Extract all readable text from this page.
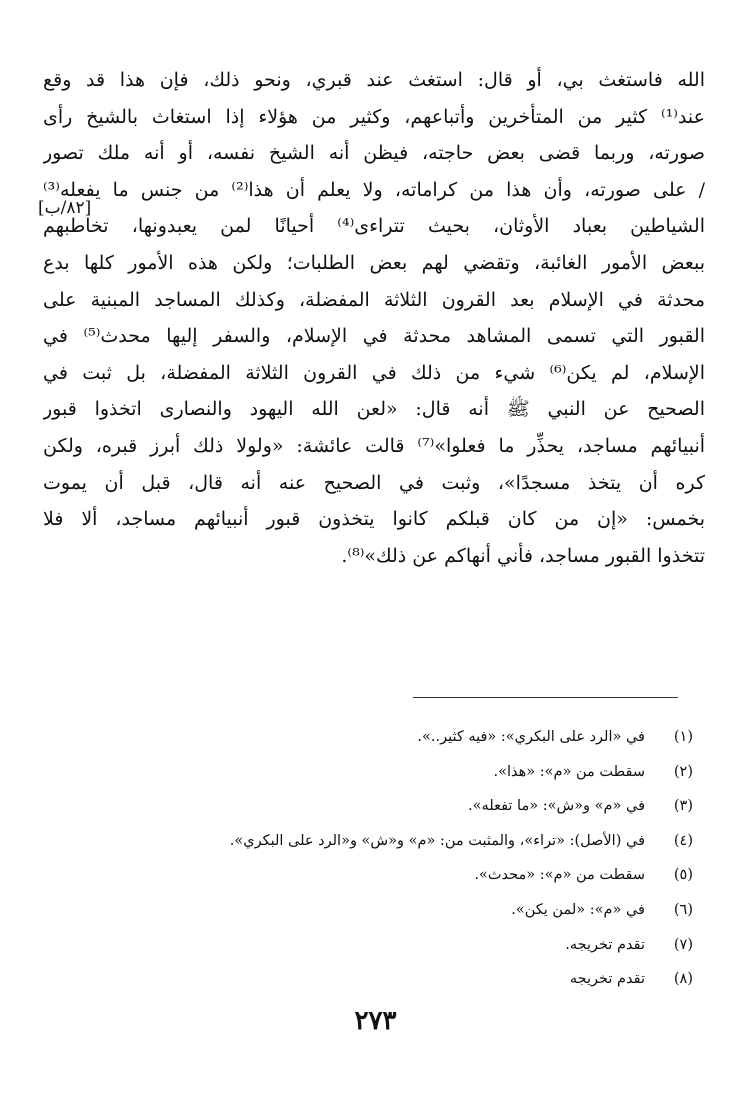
الله فاستغث بي، أو قال: استغث عند قبري، ونحو ذلك، فإن هذا قد وقع
عند⁽¹⁾ كثير من المتأخرين وأتباعهم، وكثير من هؤلاء إذا استغاث بالشيخ رأى
صورته، وربما قضى بعض حاجته، فيظن أنه الشيخ نفسه، أو أنه ملك تصور
/ على صورته، وأن هذا من كراماته، ولا يعلم أن هذا⁽²⁾ من جنس ما يفعله⁽³⁾
الشياطين بعباد الأوثان، بحيث تتراءى⁽⁴⁾ أحيانًا لمن يعبدونها، تخاطبهم
ببعض الأمور الغائبة، وتقضي لهم بعض الطلبات؛ ولكن هذه الأمور كلها بدع
محدثة في الإسلام بعد القرون الثلاثة المفضلة، وكذلك المساجد المبنية على
القبور التي تسمى المشاهد محدثة في الإسلام، والسفر إليها محدث⁽⁵⁾ في
الإسلام، لم يكن⁽⁶⁾ شيء من ذلك في القرون الثلاثة المفضلة، بل ثبت في
الصحيح عن النبي ﷺ أنه قال: «لعن الله اليهود والنصارى اتخذوا قبور
أنبيائهم مساجد، يحذِّر ما فعلوا»⁽⁷⁾ قالت عائشة: «ولولا ذلك أبرز قبره، ولكن
كره أن يتخذ مسجدًا»، وثبت في الصحيح عنه أنه قال، قبل أن يموت
بخمس: «إن من كان قبلكم كانوا يتخذون قبور أنبيائهم مساجد، ألا فلا
تتخذوا القبور مساجد، فأني أنهاكم عن ذلك»⁽⁸⁾.
[٨٢/ب]
(١)
في «الرد على البكري»: «فيه كثير..».
(٢)
سقطت من «م»: «هذا».
(٣)
في «م» و«ش»: «ما تفعله».
(٤)
في (الأصل): «تراء»، والمثبت من: «م» و«ش» و«الرد على البكري».
(٥)
سقطت من «م»: «محدث».
(٦)
في «م»: «لمن يكن».
(٧)
تقدم تخريجه.
(٨)
تقدم تخريجه
٢٧٣
